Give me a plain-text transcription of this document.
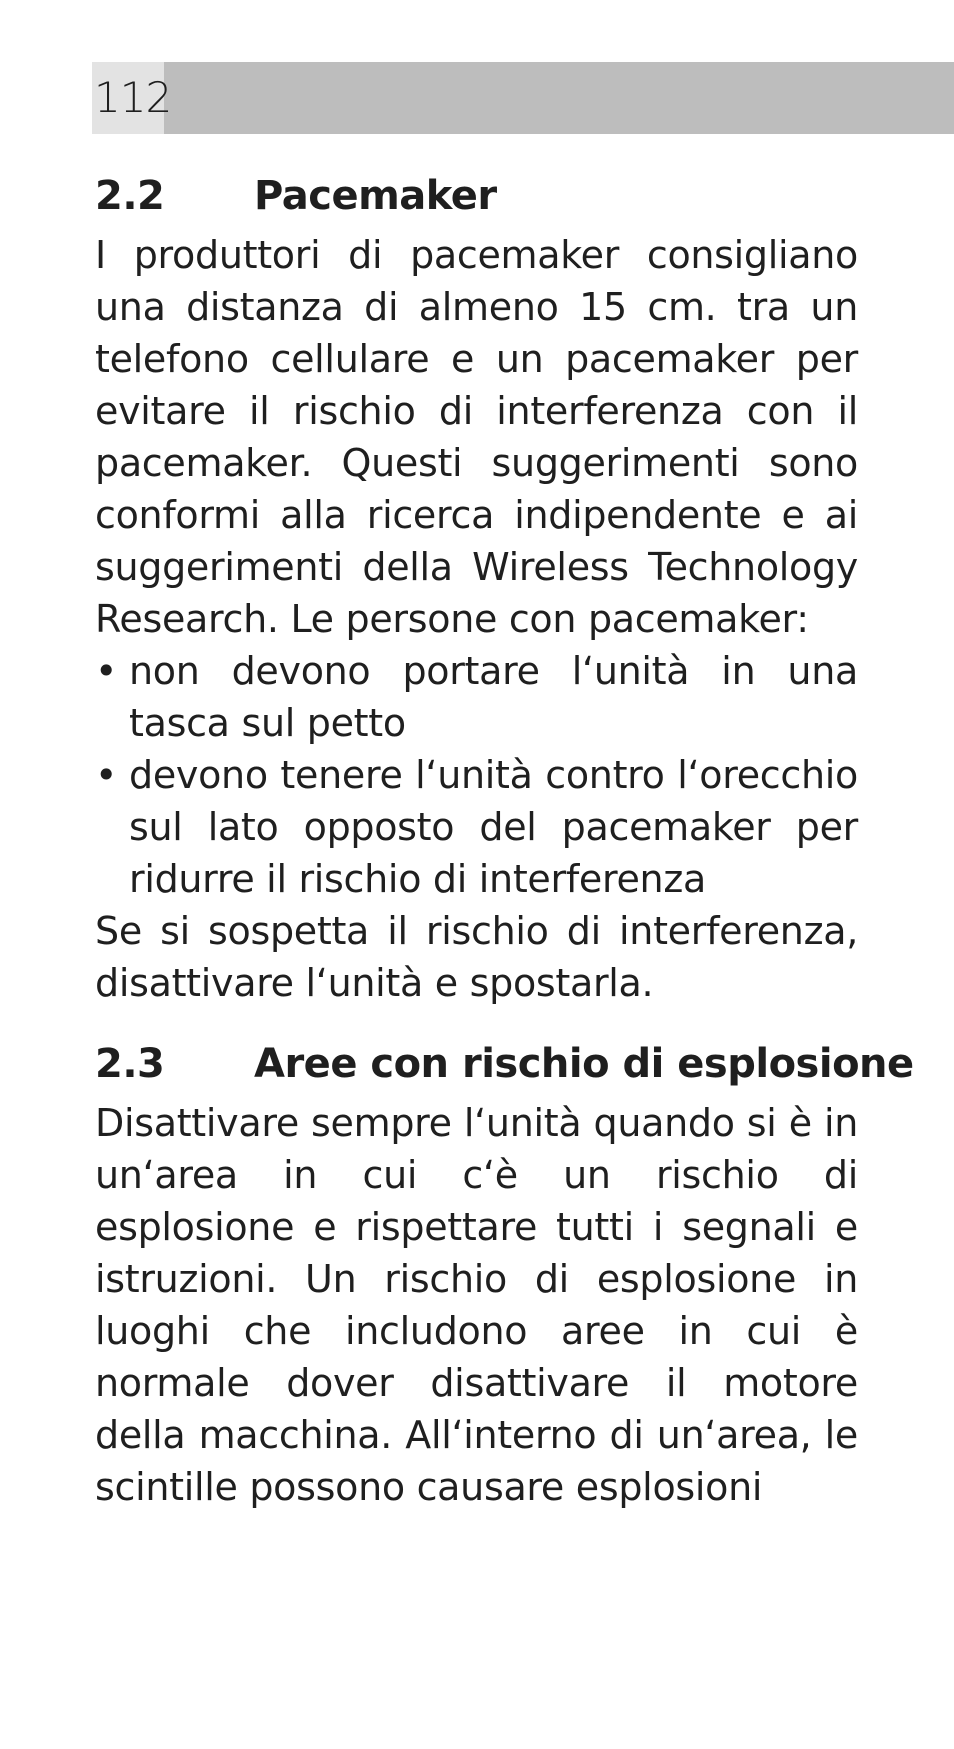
112
2.2	Pacemaker

I produttori di pacemaker consigliano una distanza di almeno 15 cm. tra un telefono cellulare e un pacemaker per evitare il rischio di interferenza con il pacemaker. Questi suggerimenti sono conformi alla ricerca indipendente e ai suggerimenti della Wireless Technology Research. Le persone con pacemaker:

• non devono portare l‘unità in una tasca sul petto
• devono tenere l‘unità contro l‘orecchio sul lato opposto del pacemaker per ridurre il rischio di interferenza

Se si sospetta il rischio di interferenza, disattivare l‘unità e spostarla.

2.3	Aree con rischio di esplosione

Disattivare sempre l‘unità quando si è in un‘area in cui c‘è un rischio di esplosione e rispettare tutti i segnali e istruzioni. Un rischio di esplosione in luoghi che includono aree in cui è normale dover disattivare il motore della macchina. All‘interno di un‘area, le scintille possono causare esplosioni
